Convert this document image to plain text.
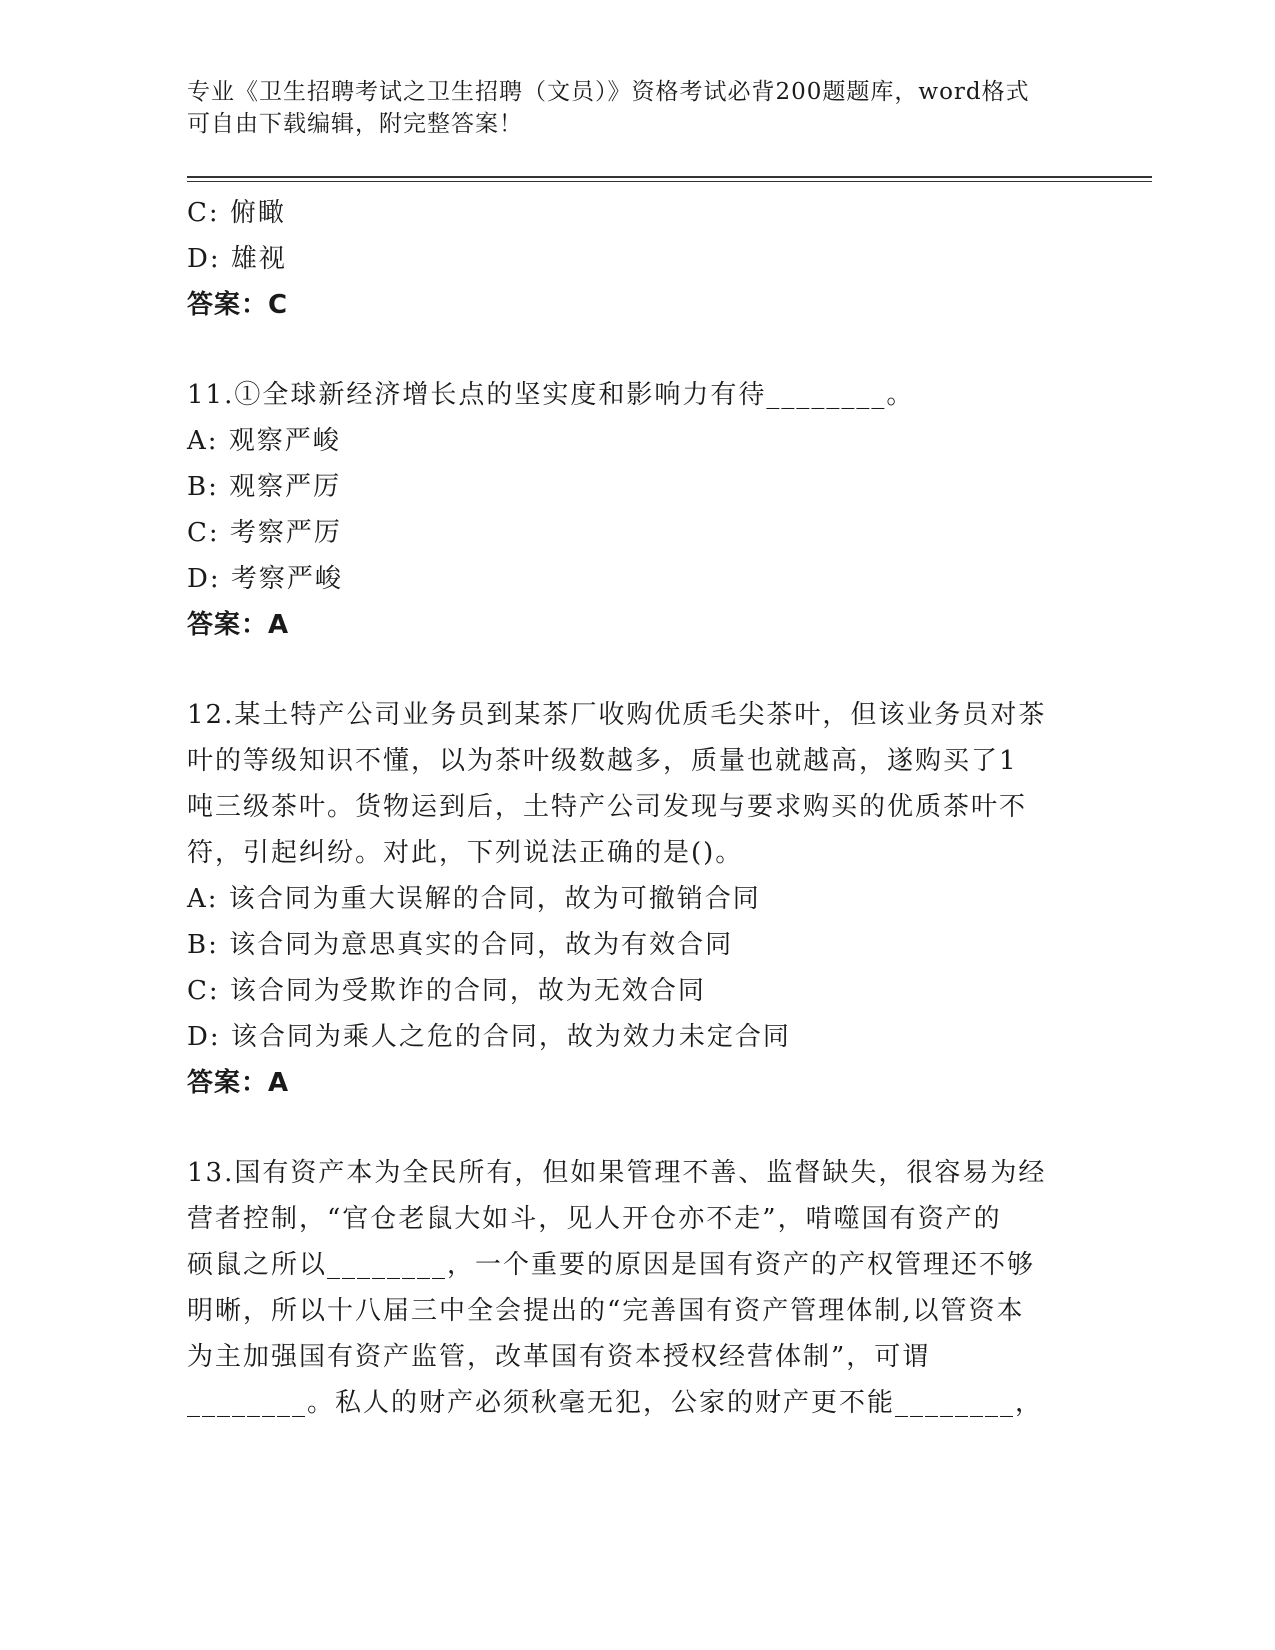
专业《卫生招聘考试之卫生招聘（文员）》资格考试必背200题题库，word格式
可自由下载编辑，附完整答案！
C: 俯瞰
D: 雄视
答案：C
11.①全球新经济增长点的坚实度和影响力有待________。
A: 观察严峻
B: 观察严厉
C: 考察严厉
D: 考察严峻
答案：A
12.某土特产公司业务员到某茶厂收购优质毛尖茶叶，但该业务员对茶
叶的等级知识不懂，以为茶叶级数越多，质量也就越高，遂购买了1
吨三级茶叶。货物运到后，土特产公司发现与要求购买的优质茶叶不
符，引起纠纷。对此，下列说法正确的是()。
A: 该合同为重大误解的合同，故为可撤销合同
B: 该合同为意思真实的合同，故为有效合同
C: 该合同为受欺诈的合同，故为无效合同
D: 该合同为乘人之危的合同，故为效力未定合同
答案：A
13.国有资产本为全民所有，但如果管理不善、监督缺失，很容易为经
营者控制，“官仓老鼠大如斗，见人开仓亦不走”，啃噬国有资产的
硕鼠之所以________，一个重要的原因是国有资产的产权管理还不够
明晰，所以十八届三中全会提出的“完善国有资产管理体制,以管资本
为主加强国有资产监管，改革国有资本授权经营体制”，可谓
________。私人的财产必须秋毫无犯，公家的财产更不能________，
